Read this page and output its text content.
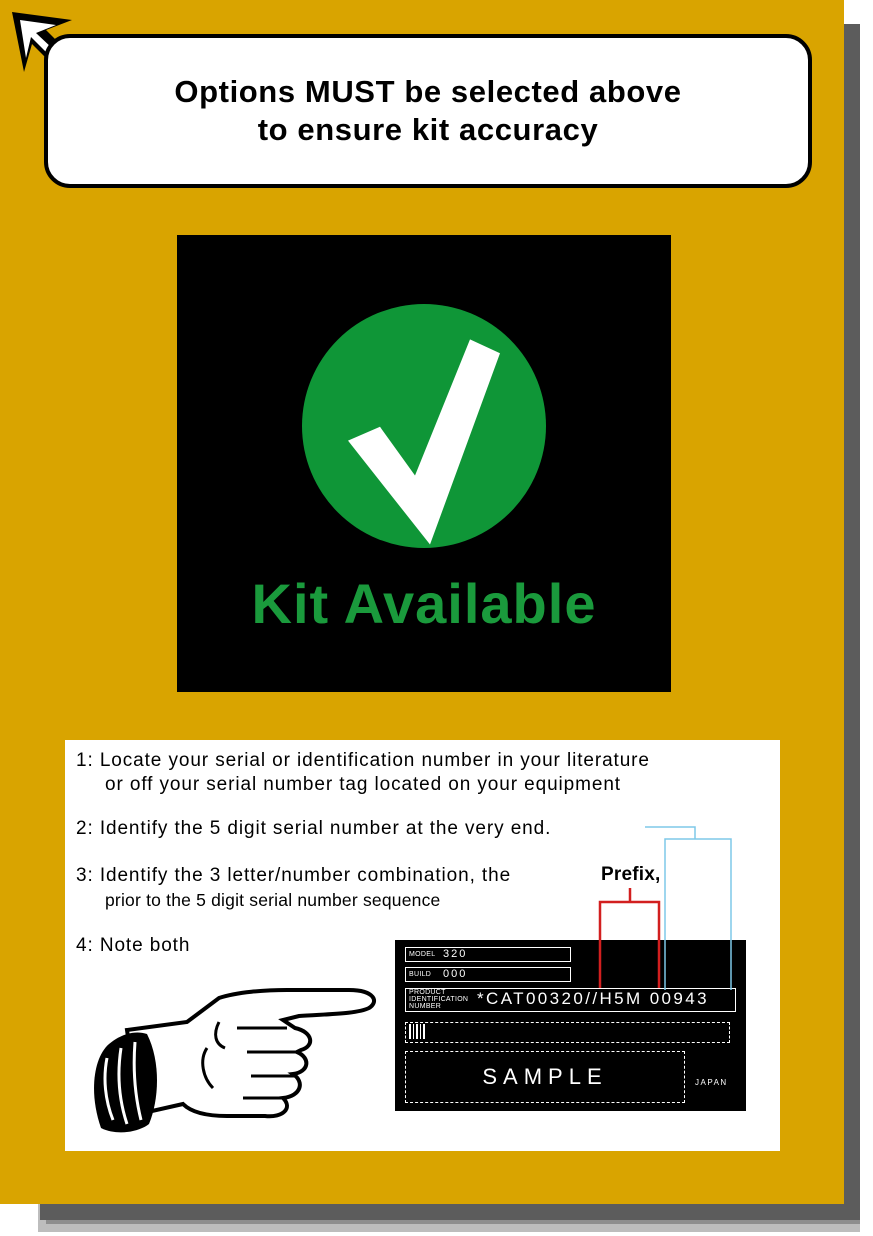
Options MUST be selected above
to ensure kit accuracy
Kit Available
1: Locate your serial or identification number in your literature
or off your serial number tag located on your equipment
2: Identify the 5 digit serial number at the very end.
3: Identify the 3 letter/number combination, the
prior to the 5 digit serial number sequence
Prefix,
4: Note both	MODEL 320
BUILD 000
PRODUCT
IDENTIFICATION
NUMBER *CAT00320//H5M 00943
SAMPLE	JAPAN
